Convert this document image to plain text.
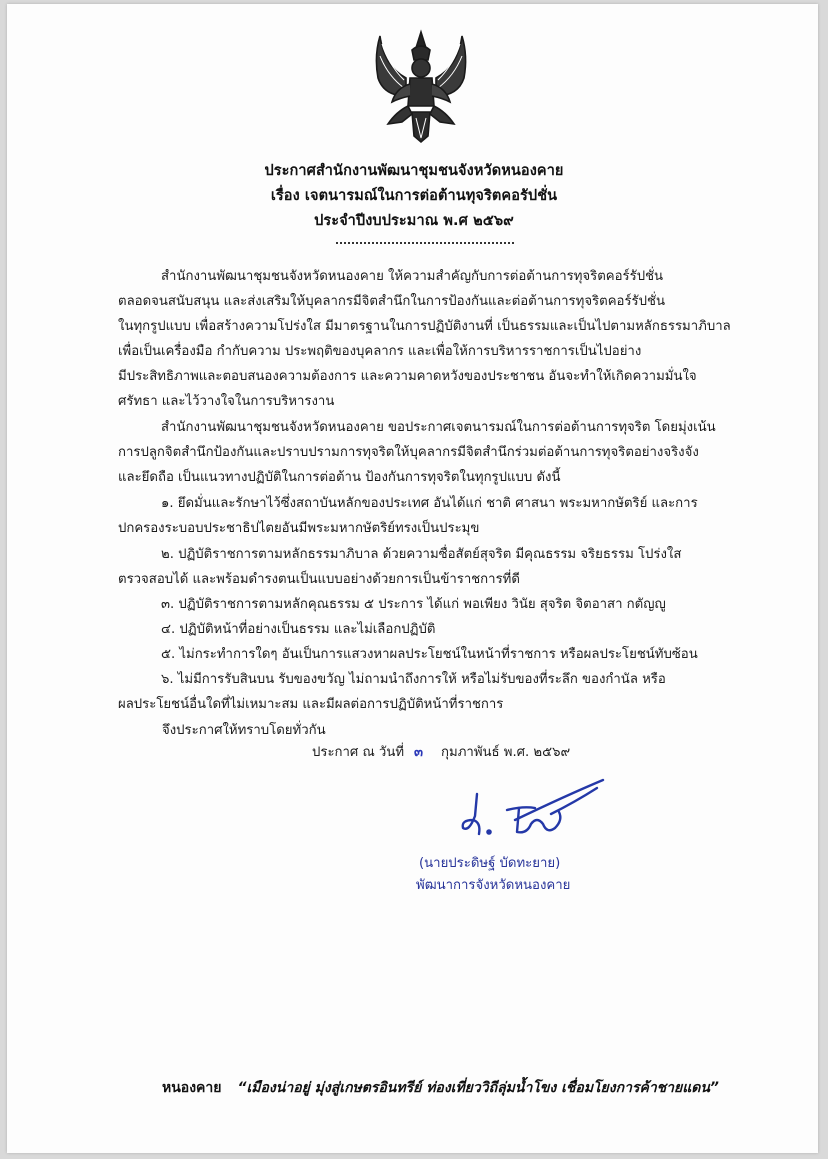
ประกาศสำนักงานพัฒนาชุมชนจังหวัดหนองคาย
เรื่อง เจตนารมณ์ในการต่อต้านทุจริตคอรัปชั่น
ประจำปีงบประมาณ พ.ศ ๒๕๖๙
สำนักงานพัฒนาชุมชนจังหวัดหนองคาย ให้ความสำคัญกับการต่อต้านการทุจริตคอร์รัปชั่น
ตลอดจนสนับสนุน และส่งเสริมให้บุคลากรมีจิตสำนึกในการป้องกันและต่อต้านการทุจริตคอร์รัปชั่น
ในทุกรูปแบบ เพื่อสร้างความโปร่งใส มีมาตรฐานในการปฏิบัติงานที่ เป็นธรรมและเป็นไปตามหลักธรรมาภิบาล
เพื่อเป็นเครื่องมือ กำกับความ ประพฤติของบุคลากร และเพื่อให้การบริหารราชการเป็นไปอย่าง
มีประสิทธิภาพและตอบสนองความต้องการ และความคาดหวังของประชาชน อันจะทำให้เกิดความมั่นใจ
ศรัทธา และไว้วางใจในการบริหารงาน
สำนักงานพัฒนาชุมชนจังหวัดหนองคาย ขอประกาศเจตนารมณ์ในการต่อต้านการทุจริต โดยมุ่งเน้น
การปลูกจิตสำนึกป้องกันและปราบปรามการทุจริตให้บุคลากรมีจิตสำนึกร่วมต่อต้านการทุจริตอย่างจริงจัง
และยึดถือ เป็นแนวทางปฏิบัติในการต่อต้าน ป้องกันการทุจริตในทุกรูปแบบ ดังนี้
๑. ยึดมั่นและรักษาไว้ซึ่งสถาบันหลักของประเทศ อันได้แก่ ชาติ ศาสนา พระมหากษัตริย์ และการ
ปกครองระบอบประชาธิปไตยอันมีพระมหากษัตริย์ทรงเป็นประมุข
๒. ปฏิบัติราชการตามหลักธรรมาภิบาล ด้วยความซื่อสัตย์สุจริต มีคุณธรรม จริยธรรม โปร่งใส
ตรวจสอบได้ และพร้อมดำรงตนเป็นแบบอย่างด้วยการเป็นข้าราชการที่ดี
๓. ปฏิบัติราชการตามหลักคุณธรรม ๕ ประการ ได้แก่ พอเพียง วินัย สุจริต จิตอาสา กตัญญู
๔. ปฏิบัติหน้าที่อย่างเป็นธรรม และไม่เลือกปฏิบัติ
๕. ไม่กระทำการใดๆ อันเป็นการแสวงหาผลประโยชน์ในหน้าที่ราชการ หรือผลประโยชน์ทับซ้อน
๖. ไม่มีการรับสินบน รับของขวัญ ไม่ถามนำถึงการให้ หรือไม่รับของที่ระลึก ของกำนัล หรือ
ผลประโยชน์อื่นใดที่ไม่เหมาะสม และมีผลต่อการปฏิบัติหน้าที่ราชการ
จึงประกาศให้ทราบโดยทั่วกัน
ประกาศ ณ วันที่ ๓ กุมภาพันธ์ พ.ศ. ๒๕๖๙
(นายประดิษฐ์ บัดทะยาย)
พัฒนาการจังหวัดหนองคาย
หนองคาย “เมืองน่าอยู่ มุ่งสู่เกษตรอินทรีย์ ท่องเที่ยววิถีลุ่มน้ำโขง เชื่อมโยงการค้าชายแดน”
